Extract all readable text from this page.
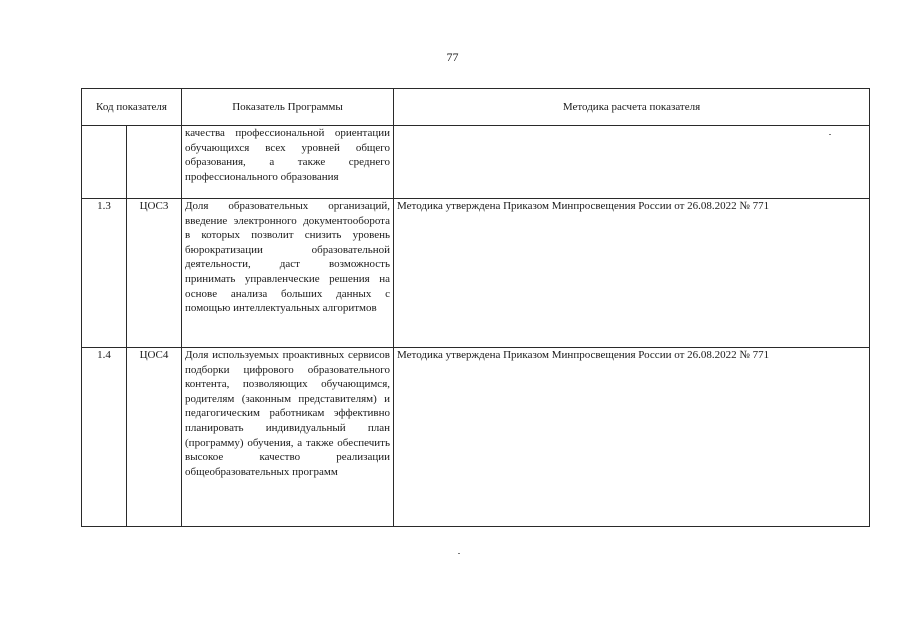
77
Код показателя		Показатель Программы	Методика расчета показателя
		качества профессиональной ориентации обучающихся всех уровней общего образования, а также среднего профессионального образования	
1.3	ЦОС3	Доля образовательных организаций, введение электронного документооборота в которых позволит снизить уровень бюрократизации образовательной деятельности, даст возможность принимать управленческие решения на основе анализа больших данных с помощью интеллектуальных алгоритмов	Методика утверждена Приказом Минпросвещения России от 26.08.2022 № 771
1.4	ЦОС4	Доля используемых проактивных сервисов подборки цифрового образовательного контента, позволяющих обучающимся, родителям (законным представителям) и педагогическим работникам эффективно планировать индивидуальный план (программу) обучения, а также обеспечить высокое качество реализации общеобразовательных программ	Методика утверждена Приказом Минпросвещения России от 26.08.2022 № 771
